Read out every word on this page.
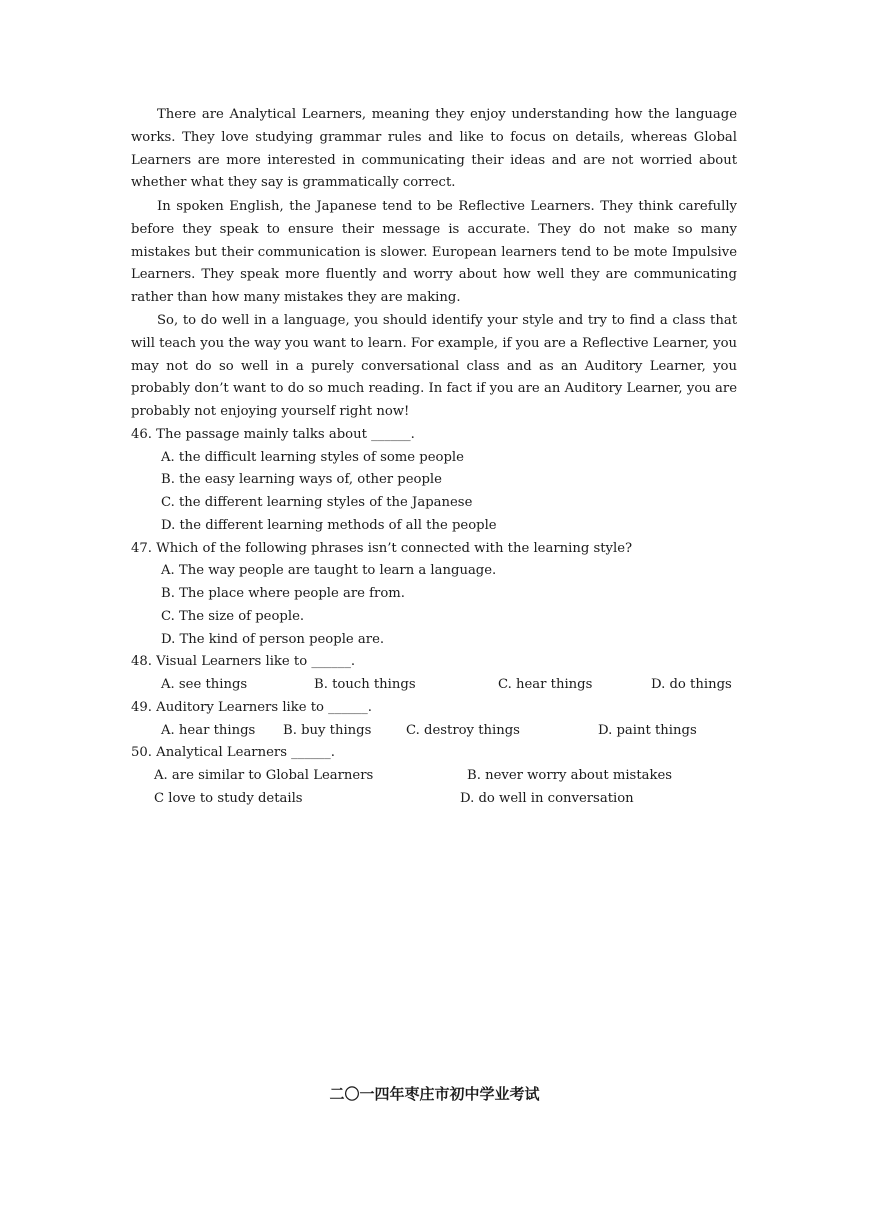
There are Analytical Learners, meaning they enjoy understanding how the language works. They love studying grammar rules and like to focus on details, whereas Global Learners are more interested in communicating their ideas and are not worried about whether what they say is grammatically correct.
In spoken English, the Japanese tend to be Reflective Learners. They think carefully before they speak to ensure their message is accurate. They do not make so many mistakes but their communication is slower. European learners tend to be mote Impulsive Learners. They speak more fluently and worry about how well they are communicating rather than how many mistakes they are making.
So, to do well in a language, you should identify your style and try to find a class that will teach you the way you want to learn. For example, if you are a Reflective Learner, you may not do so well in a purely conversational class and as an Auditory Learner, you probably don’t want to do so much reading. In fact if you are an Auditory Learner, you are probably not enjoying yourself right now!
46. The passage mainly talks about ______.
A. the difficult learning styles of some people
B. the easy learning ways of, other people
C. the different learning styles of the Japanese
D. the different learning methods of all the people
47. Which of the following phrases isn’t connected with the learning style?
A. The way people are taught to learn a language.
B. The place where people are from.
C. The size of people.
D. The kind of person people are.
48. Visual Learners like to ______.
A. see things	B. touch things	C. hear things	D. do things
49. Auditory Learners like to ______.
A. hear things B. buy things	C. destroy things	D. paint things
50. Analytical Learners ______.
A. are similar to Global Learners	B. never worry about mistakes
C love to study details	D. do well in conversation
二〇一四年枣庄市初中学业考试
